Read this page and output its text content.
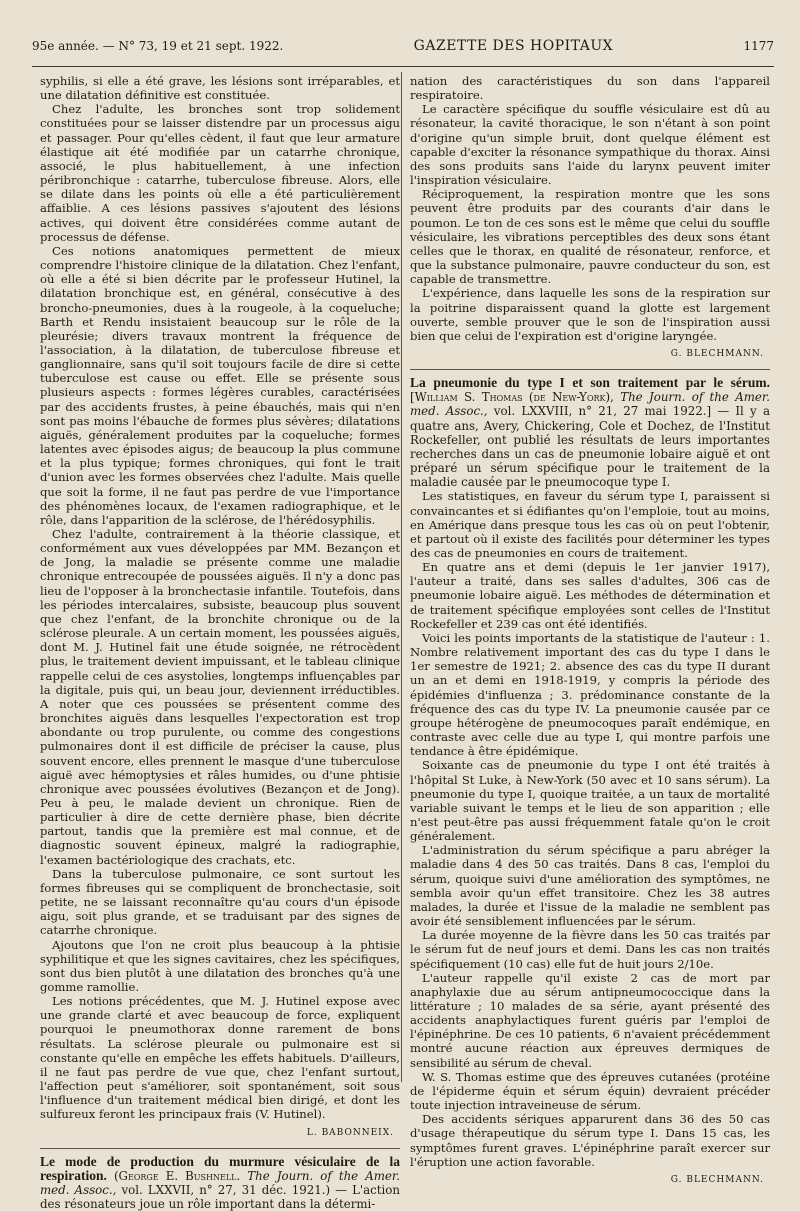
95e année. — N° 73, 19 et 21 sept. 1922.	GAZETTE DES HOPITAUX	1177

syphilis, si elle a été grave, les lésions sont irréparables, et une dilatation définitive est constituée.

Chez l'adulte, les bronches sont trop solidement constituées pour se laisser distendre par un processus aigu et passager. Pour qu'elles cèdent, il faut que leur armature élastique ait été modifiée par un catarrhe chronique, associé, le plus habituellement, à une infection péribronchique : catarrhe, tuberculose fibreuse. Alors, elle se dilate dans les points où elle a été particulièrement affaiblie. A ces lésions passives s'ajoutent des lésions actives, qui doivent être considérées comme autant de processus de défense.

Ces notions anatomiques permettent de mieux comprendre l'histoire clinique de la dilatation. Chez l'enfant, où elle a été si bien décrite par le professeur Hutinel, la dilatation bronchique est, en général, consécutive à des broncho-pneumonies, dues à la rougeole, à la coqueluche; Barth et Rendu insistaient beaucoup sur le rôle de la pleurésie; divers travaux montrent la fréquence de l'association, à la dilatation, de tuberculose fibreuse et ganglionnaire, sans qu'il soit toujours facile de dire si cette tuberculose est cause ou effet. Elle se présente sous plusieurs aspects : formes légères curables, caractérisées par des accidents frustes, à peine ébauchés, mais qui n'en sont pas moins l'ébauche de formes plus sévères; dilatations aiguës, généralement produites par la coqueluche; formes latentes avec épisodes aigus; de beaucoup la plus commune et la plus typique; formes chroniques, qui font le trait d'union avec les formes observées chez l'adulte. Mais quelle que soit la forme, il ne faut pas perdre de vue l'importance des phénomènes locaux, de l'examen radiographique, et le rôle, dans l'apparition de la sclérose, de l'hérédosyphilis.

Chez l'adulte, contrairement à la théorie classique, et conformément aux vues développées par MM. Bezançon et de Jong, la maladie se présente comme une maladie chronique entrecoupée de poussées aiguës. Il n'y a donc pas lieu de l'opposer à la bronchectasie infantile. Toutefois, dans les périodes intercalaires, subsiste, beaucoup plus souvent que chez l'enfant, de la bronchite chronique ou de la sclérose pleurale. A un certain moment, les poussées aiguës, dont M. J. Hutinel fait une étude soignée, ne rétrocèdent plus, le traitement devient impuissant, et le tableau clinique rappelle celui de ces asystolies, longtemps influençables par la digitale, puis qui, un beau jour, deviennent irréductibles. A noter que ces poussées se présentent comme des bronchites aiguës dans lesquelles l'expectoration est trop abondante ou trop purulente, ou comme des congestions pulmonaires dont il est difficile de préciser la cause, plus souvent encore, elles prennent le masque d'une tuberculose aiguë avec hémoptysies et râles humides, ou d'une phtisie chronique avec poussées évolutives (Bezançon et de Jong). Peu à peu, le malade devient un chronique. Rien de particulier à dire de cette dernière phase, bien décrite partout, tandis que la première est mal connue, et de diagnostic souvent épineux, malgré la radiographie, l'examen bactériologique des crachats, etc.

Dans la tuberculose pulmonaire, ce sont surtout les formes fibreuses qui se compliquent de bronchectasie, soit petite, ne se laissant reconnaître qu'au cours d'un épisode aigu, soit plus grande, et se traduisant par des signes de catarrhe chronique.

Ajoutons que l'on ne croit plus beaucoup à la phtisie syphilitique et que les signes cavitaires, chez les spécifiques, sont dus bien plutôt à une dilatation des bronches qu'à une gomme ramollie.

Les notions précédentes, que M. J. Hutinel expose avec une grande clarté et avec beaucoup de force, expliquent pourquoi le pneumothorax donne rarement de bons résultats. La sclérose pleurale ou pulmonaire est si constante qu'elle en empêche les effets habituels. D'ailleurs, il ne faut pas perdre de vue que, chez l'enfant surtout, l'affection peut s'améliorer, soit spontanément, soit sous l'influence d'un traitement médical bien dirigé, et dont les sulfureux feront les principaux frais (V. Hutinel).

L. BABONNEIX.

Le mode de production du murmure vésiculaire de la respiration. (George E. Bushnell. The Journ. of the Amer. med. Assoc., vol. LXXVII, n° 27, 31 déc. 1921.) — L'action des résonateurs joue un rôle important dans la détermi-

nation des caractéristiques du son dans l'appareil respiratoire.

Le caractère spécifique du souffle vésiculaire est dû au résonateur, la cavité thoracique, le son n'étant à son point d'origine qu'un simple bruit, dont quelque élément est capable d'exciter la résonance sympathique du thorax. Ainsi des sons produits sans l'aide du larynx peuvent imiter l'inspiration vésiculaire.

Réciproquement, la respiration montre que les sons peuvent être produits par des courants d'air dans le poumon. Le ton de ces sons est le même que celui du souffle vésiculaire, les vibrations perceptibles des deux sons étant celles que le thorax, en qualité de résonateur, renforce, et que la substance pulmonaire, pauvre conducteur du son, est capable de transmettre.

L'expérience, dans laquelle les sons de la respiration sur la poitrine disparaissent quand la glotte est largement ouverte, semble prouver que le son de l'inspiration aussi bien que celui de l'expiration est d'origine laryngée.

G. BLECHMANN.

La pneumonie du type I et son traitement par le sérum. [William S. Thomas (de New-York), The Journ. of the Amer. med. Assoc., vol. LXXVIII, n° 21, 27 mai 1922.] — Il y a quatre ans, Avery, Chickering, Cole et Dochez, de l'Institut Rockefeller, ont publié les résultats de leurs importantes recherches dans un cas de pneumonie lobaire aiguë et ont préparé un sérum spécifique pour le traitement de la maladie causée par le pneumocoque type I.

Les statistiques, en faveur du sérum type I, paraissent si convaincantes et si édifiantes qu'on l'emploie, tout au moins, en Amérique dans presque tous les cas où on peut l'obtenir, et partout où il existe des facilités pour déterminer les types des cas de pneumonies en cours de traitement.

En quatre ans et demi (depuis le 1er janvier 1917), l'auteur a traité, dans ses salles d'adultes, 306 cas de pneumonie lobaire aiguë. Les méthodes de détermination et de traitement spécifique employées sont celles de l'Institut Rockefeller et 239 cas ont été identifiés.

Voici les points importants de la statistique de l'auteur : 1. Nombre relativement important des cas du type I dans le 1er semestre de 1921; 2. absence des cas du type II durant un an et demi en 1918-1919, y compris la période des épidémies d'influenza ; 3. prédominance constante de la fréquence des cas du type IV. La pneumonie causée par ce groupe hétérogène de pneumocoques paraît endémique, en contraste avec celle due au type I, qui montre parfois une tendance à être épidémique.

Soixante cas de pneumonie du type I ont été traités à l'hôpital St Luke, à New-York (50 avec et 10 sans sérum). La pneumonie du type I, quoique traitée, a un taux de mortalité variable suivant le temps et le lieu de son apparition ; elle n'est peut-être pas aussi fréquemment fatale qu'on le croit généralement.

L'administration du sérum spécifique a paru abréger la maladie dans 4 des 50 cas traités. Dans 8 cas, l'emploi du sérum, quoique suivi d'une amélioration des symptômes, ne sembla avoir qu'un effet transitoire. Chez les 38 autres malades, la durée et l'issue de la maladie ne semblent pas avoir été sensiblement influencées par le sérum.

La durée moyenne de la fièvre dans les 50 cas traités par le sérum fut de neuf jours et demi. Dans les cas non traités spécifiquement (10 cas) elle fut de huit jours 2/10e.

L'auteur rappelle qu'il existe 2 cas de mort par anaphylaxie due au sérum antipneumococcique dans la littérature ; 10 malades de sa série, ayant présenté des accidents anaphylactiques furent guéris par l'emploi de l'épinéphrine. De ces 10 patients, 6 n'avaient précédemment montré aucune réaction aux épreuves dermiques de sensibilité au sérum de cheval.

W. S. Thomas estime que des épreuves cutanées (protéine de l'épiderme équin et sérum équin) devraient précéder toute injection intraveineuse de sérum.

Des accidents sériques apparurent dans 36 des 50 cas d'usage thérapeutique du sérum type I. Dans 15 cas, les symptômes furent graves. L'épinéphrine paraît exercer sur l'éruption une action favorable.

G. BLECHMANN.
